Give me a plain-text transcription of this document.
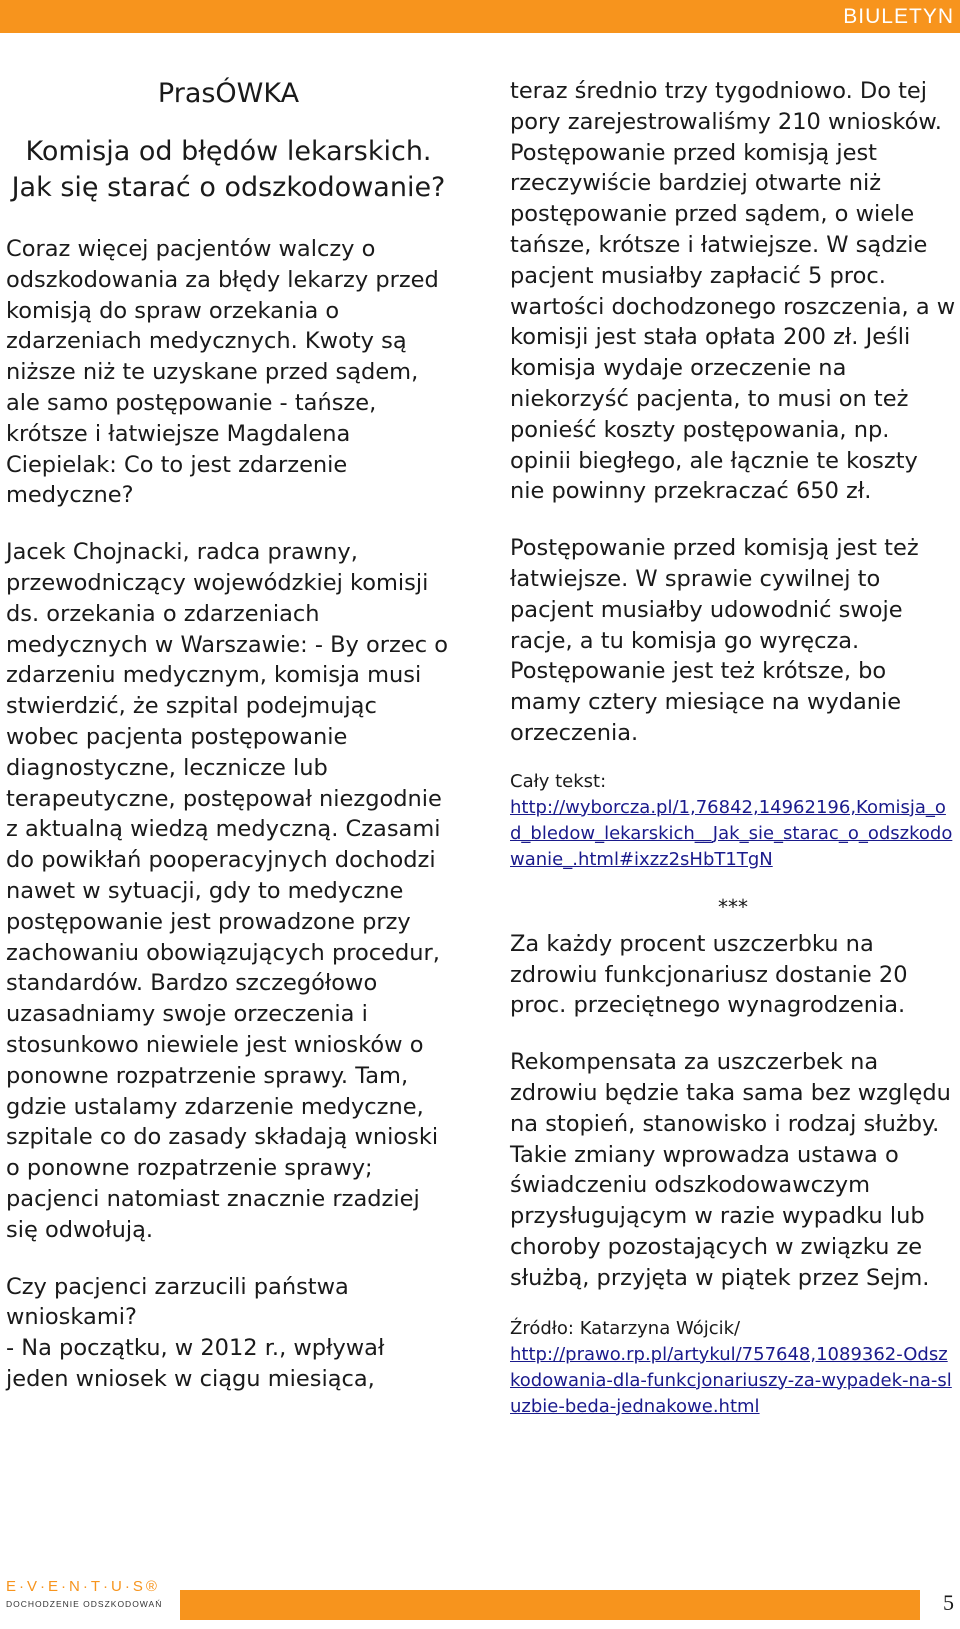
BIULETYN
PrasÓWKA
Komisja od błędów lekarskich. Jak się starać o odszkodowanie?

Coraz więcej pacjentów walczy o odszkodowania za błędy lekarzy przed komisją do spraw orzekania o zdarzeniach medycznych. Kwoty są niższe niż te uzyskane przed sądem, ale samo postępowanie - tańsze, krótsze i łatwiejsze Magdalena Ciepielak: Co to jest zdarzenie medyczne?

Jacek Chojnacki, radca prawny, przewodniczący wojewódzkiej komisji ds. orzekania o zdarzeniach medycznych w Warszawie: - By orzec o zdarzeniu medycznym, komisja musi stwierdzić, że szpital podejmując wobec pacjenta postępowanie diagnostyczne, lecznicze lub terapeutyczne, postępował niezgodnie z aktualną wiedzą medyczną. Czasami do powikłań pooperacyjnych dochodzi nawet w sytuacji, gdy to medyczne postępowanie jest prowadzone przy zachowaniu obowiązujących procedur, standardów. Bardzo szczegółowo uzasadniamy swoje orzeczenia i stosunkowo niewiele jest wniosków o ponowne rozpatrzenie sprawy. Tam, gdzie ustalamy zdarzenie medyczne, szpitale co do zasady składają wnioski o ponowne rozpatrzenie sprawy; pacjenci natomiast znacznie rzadziej się odwołują.

Czy pacjenci zarzucili państwa wnioskami?

- Na początku, w 2012 r., wpływał jeden wniosek w ciągu miesiąca,

teraz średnio trzy tygodniowo. Do tej pory zarejestrowaliśmy 210 wniosków. Postępowanie przed komisją jest rzeczywiście bardziej otwarte niż postępowanie przed sądem, o wiele tańsze, krótsze i łatwiejsze. W sądzie pacjent musiałby zapłacić 5 proc. wartości dochodzonego roszczenia, a w komisji jest stała opłata 200 zł. Jeśli komisja wydaje orzeczenie na niekorzyść pacjenta, to musi on też ponieść koszty postępowania, np. opinii biegłego, ale łącznie te koszty nie powinny przekraczać 650 zł.

Postępowanie przed komisją jest też łatwiejsze. W sprawie cywilnej to pacjent musiałby udowodnić swoje racje, a tu komisja go wyręcza. Postępowanie jest też krótsze, bo mamy cztery miesiące na wydanie orzeczenia.

Cały tekst:
http://wyborcza.pl/1,76842,14962196,Komisja_od_bledow_lekarskich__Jak_sie_starac_o_odszkodowanie_.html#ixzz2sHbT1TgN
***

Za każdy procent uszczerbku na zdrowiu funkcjonariusz dostanie 20 proc. przeciętnego wynagrodzenia.

Rekompensata za uszczerbek na zdrowiu będzie taka sama bez względu na stopień, stanowisko i rodzaj służby. Takie zmiany wprowadza ustawa o świadczeniu odszkodowawczym przysługującym w razie wypadku lub choroby pozostających w związku ze służbą, przyjęta w piątek przez Sejm.

Źródło: Katarzyna Wójcik/
http://prawo.rp.pl/artykul/757648,1089362-Odszkodowania-dla-funkcjonariuszy-za-wypadek-na-sluzbie-beda-jednakowe.html
E·V·E·N·T·U·S®
DOCHODZENIE ODSZKODOWAŃ	5
